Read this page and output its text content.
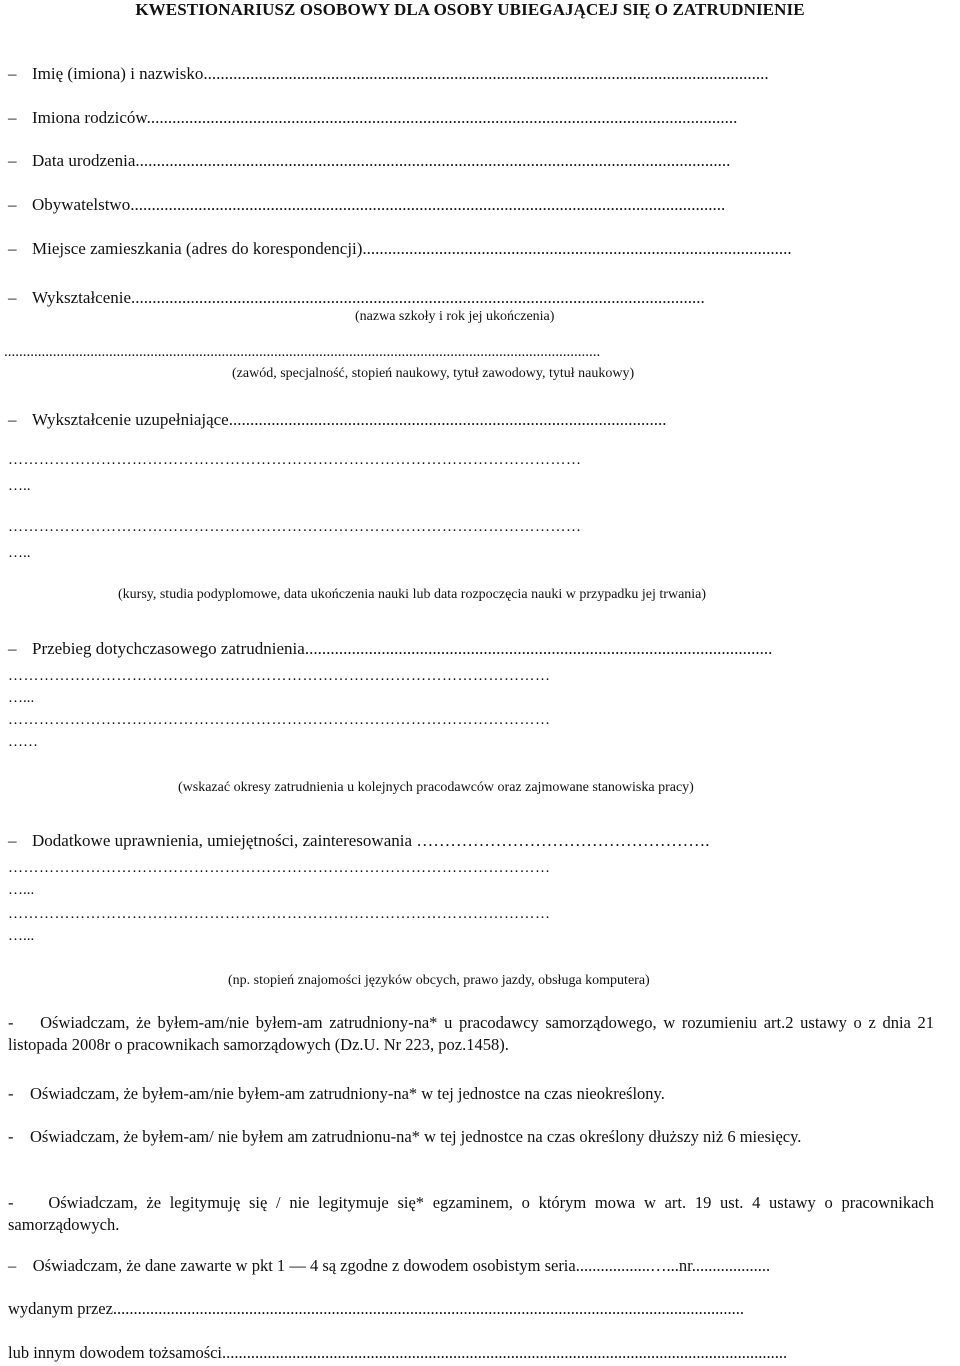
KWESTIONARIUSZ OSOBOWY DLA OSOBY UBIEGAJĄCEJ SIĘ O ZATRUDNIENIE
– Imię (imiona) i nazwisko.....................................................................................................................................
– Imiona rodziców...........................................................................................................................................
– Data urodzenia............................................................................................................................................
– Obywatelstwo............................................................................................................................................
– Miejsce zamieszkania (adres do korespondencji).....................................................................................................
– Wykształcenie.......................................................................................................................................
(nazwa szkoły i rok jej ukończenia)
...............................................................................................................................................................
(zawód, specjalność, stopień naukowy, tytuł zawodowy, tytuł naukowy)
– Wykształcenie uzupełniające.......................................................................................................
…………………………………………………………………………………………………
…..
…………………………………………………………………………………………………
…..
(kursy, studia podyplomowe, data ukończenia nauki lub data rozpoczęcia nauki w przypadku jej trwania)
– Przebieg dotychczasowego zatrudnienia..............................................................................................................
……………………………………………………………………………………………
…...
……………………………………………………………………………………………
……
(wskazać okresy zatrudnienia u kolejnych pracodawców oraz zajmowane stanowiska pracy)
– Dodatkowe uprawnienia, umiejętności, zainteresowania …………………………………………….
……………………………………………………………………………………………
…...
……………………………………………………………………………………………
…...
(np. stopień znajomości języków obcych, prawo jazdy, obsługa komputera)
-    Oświadczam, że byłem-am/nie byłem-am zatrudniony-na* u pracodawcy samorządowego, w rozumieniu art.2 ustawy o z dnia 21 listopada 2008r o pracownikach samorządowych (Dz.U. Nr 223, poz.1458).
-    Oświadczam, że byłem-am/nie byłem-am zatrudniony-na* w tej jednostce na czas nieokreślony.
-    Oświadczam, że byłem-am/ nie byłem am zatrudnionu-na* w tej jednostce na czas określony dłuższy niż 6 miesięcy.
-    Oświadczam, że legitymuję się / nie legitymuje się* egzaminem, o którym mowa w art. 19 ust. 4 ustawy o pracownikach samorządowych.
–    Oświadczam, że dane zawarte w pkt 1 — 4 są zgodne z dowodem osobistym seria..................…...nr...................
wydanym przez.........................................................................................................................................................
lub innym dowodem tożsamości.........................................................................................................................................
